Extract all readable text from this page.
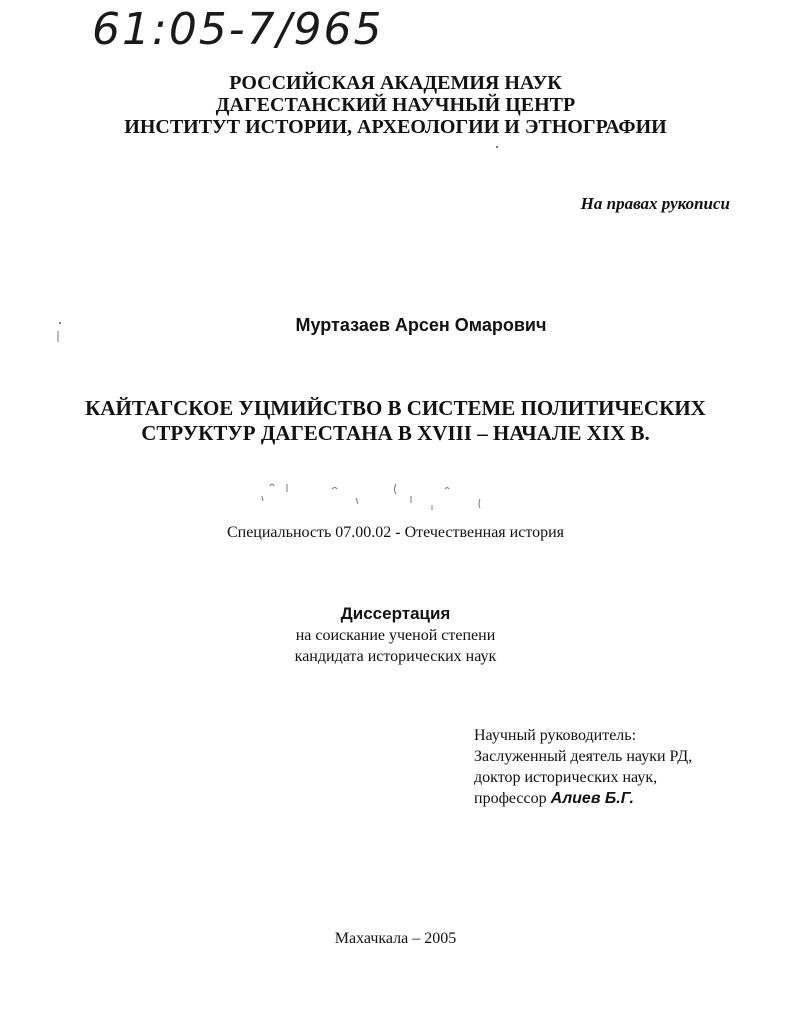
61:05-7/965
РОССИЙСКАЯ АКАДЕМИЯ НАУК
ДАГЕСТАНСКИЙ НАУЧНЫЙ ЦЕНТР
ИНСТИТУТ ИСТОРИИ, АРХЕОЛОГИИ И ЭТНОГРАФИИ
На правах рукописи
Муртазаев Арсен Омарович
КАЙТАГСКОЕ УЦМИЙСТВО В СИСТЕМЕ ПОЛИТИЧЕСКИХ
СТРУКТУР ДАГЕСТАНА В XVIII – НАЧАЛЕ XIX В.
Специальность 07.00.02 - Отечественная история
Диссертация
на соискание ученой степени
кандидата исторических наук
Научный руководитель:
Заслуженный деятель науки РД,
доктор исторических наук,
профессор Алиев Б.Г.
Махачкала – 2005
